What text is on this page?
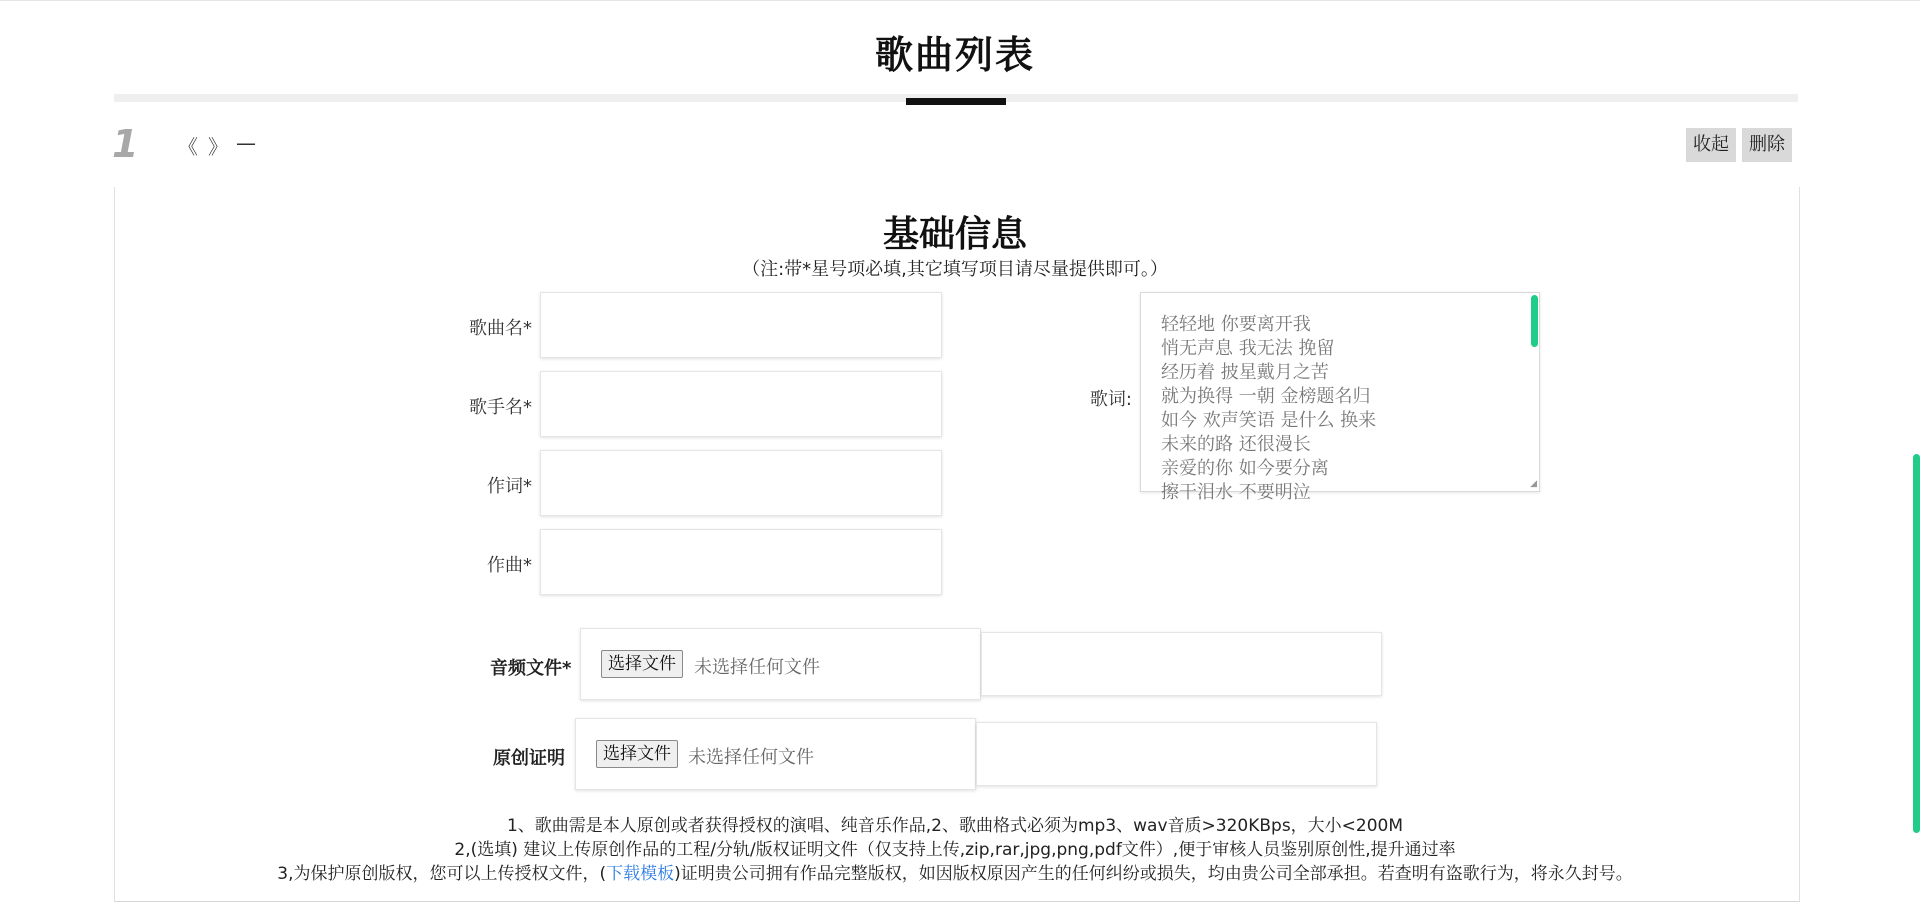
歌曲列表
1 《 》 —	收起	删除
基础信息
（注:带*星号项必填,其它填写项目请尽量提供即可。）
歌曲名*
歌手名*
作词*
作曲*
歌词:
轻轻地 你要离开我
悄无声息 我无法 挽留
经历着 披星戴月之苦
就为换得 一朝 金榜题名归
如今 欢声笑语 是什么 换来
未来的路 还很漫长
亲爱的你 如今要分离
擦干泪水 不要明泣	◢
音频文件*	选择文件	未选择任何文件
原创证明	选择文件 未选择任何文件
1、歌曲需是本人原创或者获得授权的演唱、纯音乐作品,2、歌曲格式必须为mp3、wav音质>320KBps，大小<200M
2,(选填) 建议上传原创作品的工程/分轨/版权证明文件（仅支持上传,zip,rar,jpg,png,pdf文件）,便于审核人员鉴别原创性,提升通过率
3,为保护原创版权，您可以上传授权文件，(下载模板)证明贵公司拥有作品完整版权，如因版权原因产生的任何纠纷或损失，均由贵公司全部承担。若查明有盗歌行为，将永久封号。
